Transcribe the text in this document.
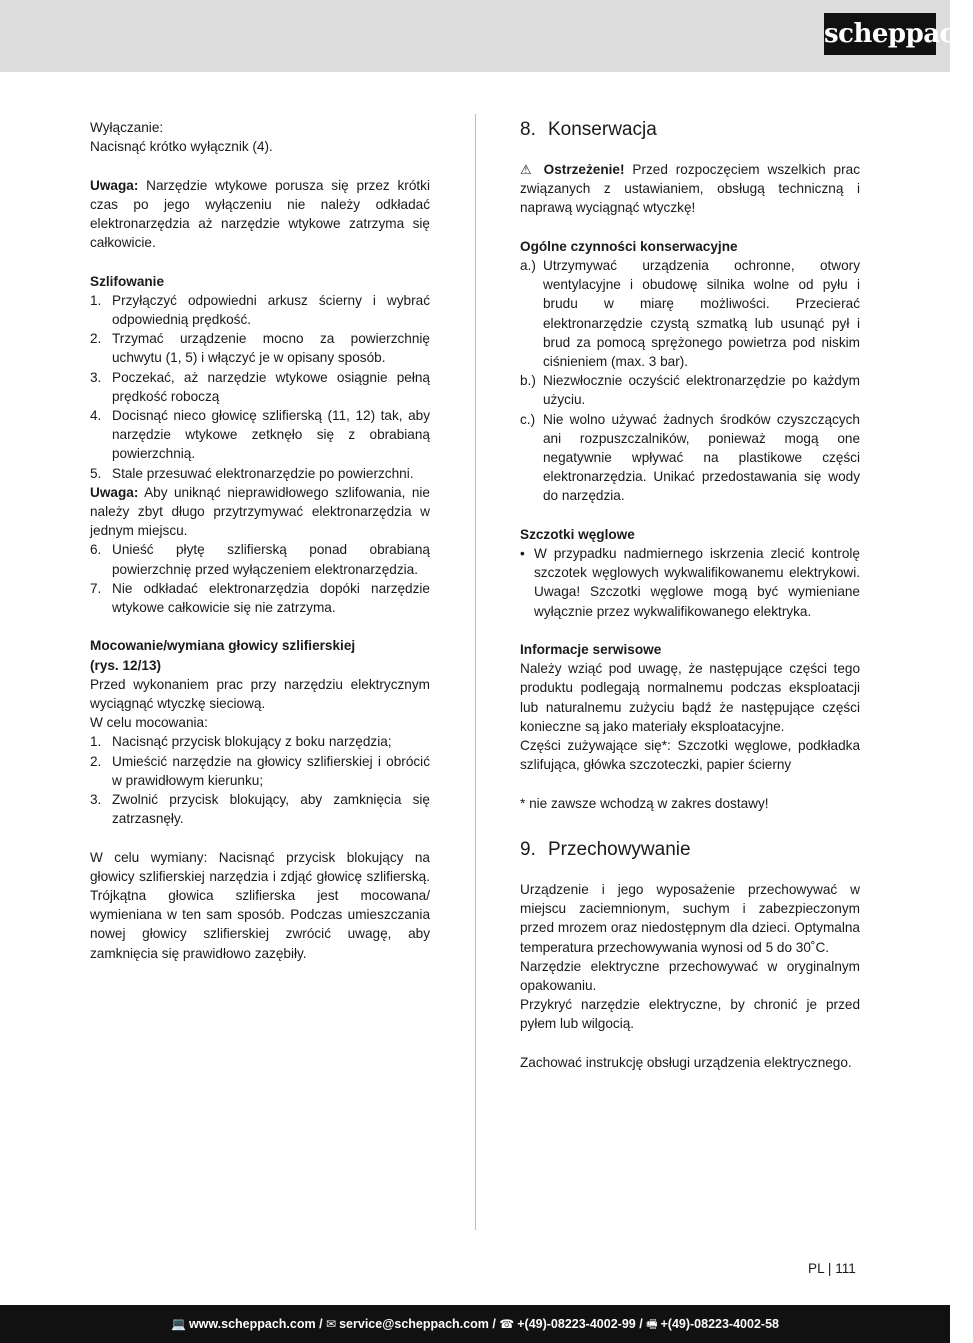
scheppach

Wyłączanie:

Nacisnąć krótko wyłącznik (4).

Uwaga: Narzędzie wtykowe porusza się przez krótki czas po jego wyłączeniu nie należy odkładać elektronarzędzia aż narzędzie wtykowe zatrzyma się całkowicie.

Szlifowanie

1. Przyłączyć odpowiedni arkusz ścierny i wybrać odpowiednią prędkość.
2. Trzymać urządzenie mocno za powierzchnię uchwytu (1, 5) i włączyć je w opisany sposób.
3. Poczekać, aż narzędzie wtykowe osiągnie pełną prędkość roboczą
4. Docisnąć nieco głowicę szlifierską (11, 12) tak, aby narzędzie wtykowe zetknęło się z obrabianą powierzchnią.
5. Stale przesuwać elektronarzędzie po powierzchni.

Uwaga: Aby uniknąć nieprawidłowego szlifowania, nie należy zbyt długo przytrzymywać elektronarzędzia w jednym miejscu.

6. Unieść płytę szlifierską ponad obrabianą powierzchnię przed wyłączeniem elektronarzędzia.
7. Nie odkładać elektronarzędzia dopóki narzędzie wtykowe całkowicie się nie zatrzyma.

Mocowanie/wymiana głowicy szlifierskiej

(rys. 12/13)

Przed wykonaniem prac przy narzędziu elektrycznym wyciągnąć wtyczkę sieciową.

W celu mocowania:

1. Nacisnąć przycisk blokujący z boku narzędzia;
2. Umieścić narzędzie na głowicy szlifierskiej i obrócić w prawidłowym kierunku;
3. Zwolnić przycisk blokujący, aby zamknięcia się zatrzasnęły.

W celu wymiany: Nacisnąć przycisk blokujący na głowicy szlifierskiej narzędzia i zdjąć głowicę szlifierską. Trójkątna głowica szlifierska jest mocowana/ wymieniana w ten sam sposób. Podczas umieszczania nowej głowicy szlifierskiej zwrócić uwagę, aby zamknięcia się prawidłowo zazębiły.

8. Konserwacja

⚠ Ostrzeżenie! Przed rozpoczęciem wszelkich prac związanych z ustawianiem, obsługą techniczną i naprawą wyciągnąć wtyczkę!

Ogólne czynności konserwacyjne

a.) Utrzymywać urządzenia ochronne, otwory wentylacyjne i obudowę silnika wolne od pyłu i brudu w miarę możliwości. Przecierać elektronarzędzie czystą szmatką lub usunąć pył i brud za pomocą sprężonego powietrza pod niskim ciśnieniem (max. 3 bar).
b.) Niezwłocznie oczyścić elektronarzędzie po każdym użyciu.
c.) Nie wolno używać żadnych środków czyszczących ani rozpuszczalników, ponieważ mogą one negatywnie wpływać na plastikowe części elektronarzędzia. Unikać przedostawania się wody do narzędzia.

Szczotki węglowe

• W przypadku nadmiernego iskrzenia zlecić kontrolę szczotek węglowych wykwalifikowanemu elektrykowi. Uwaga! Szczotki węglowe mogą być wymieniane wyłącznie przez wykwalifikowanego elektryka.

Informacje serwisowe

Należy wziąć pod uwagę, że następujące części tego produktu podlegają normalnemu podczas eksploatacji lub naturalnemu zużyciu bądź że następujące części konieczne są jako materiały eksploatacyjne.

Części zużywające się*: Szczotki węglowe, podkładka szlifująca, główka szczoteczki, papier ścierny

* nie zawsze wchodzą w zakres dostawy!

9. Przechowywanie

Urządzenie i jego wyposażenie przechowywać w miejscu zaciemnionym, suchym i zabezpieczonym przed mrozem oraz niedostępnym dla dzieci. Optymalna temperatura przechowywania wynosi od 5 do 30˚C.

Narzędzie elektryczne przechowywać w oryginalnym opakowaniu.

Przykryć narzędzie elektryczne, by chronić je przed pyłem lub wilgocią.

Zachować instrukcję obsługi urządzenia elektrycznego.

PL | 111
💻 www.scheppach.com / ✉ service@scheppach.com / ☎ +(49)-08223-4002-99 / 🖷 +(49)-08223-4002-58
